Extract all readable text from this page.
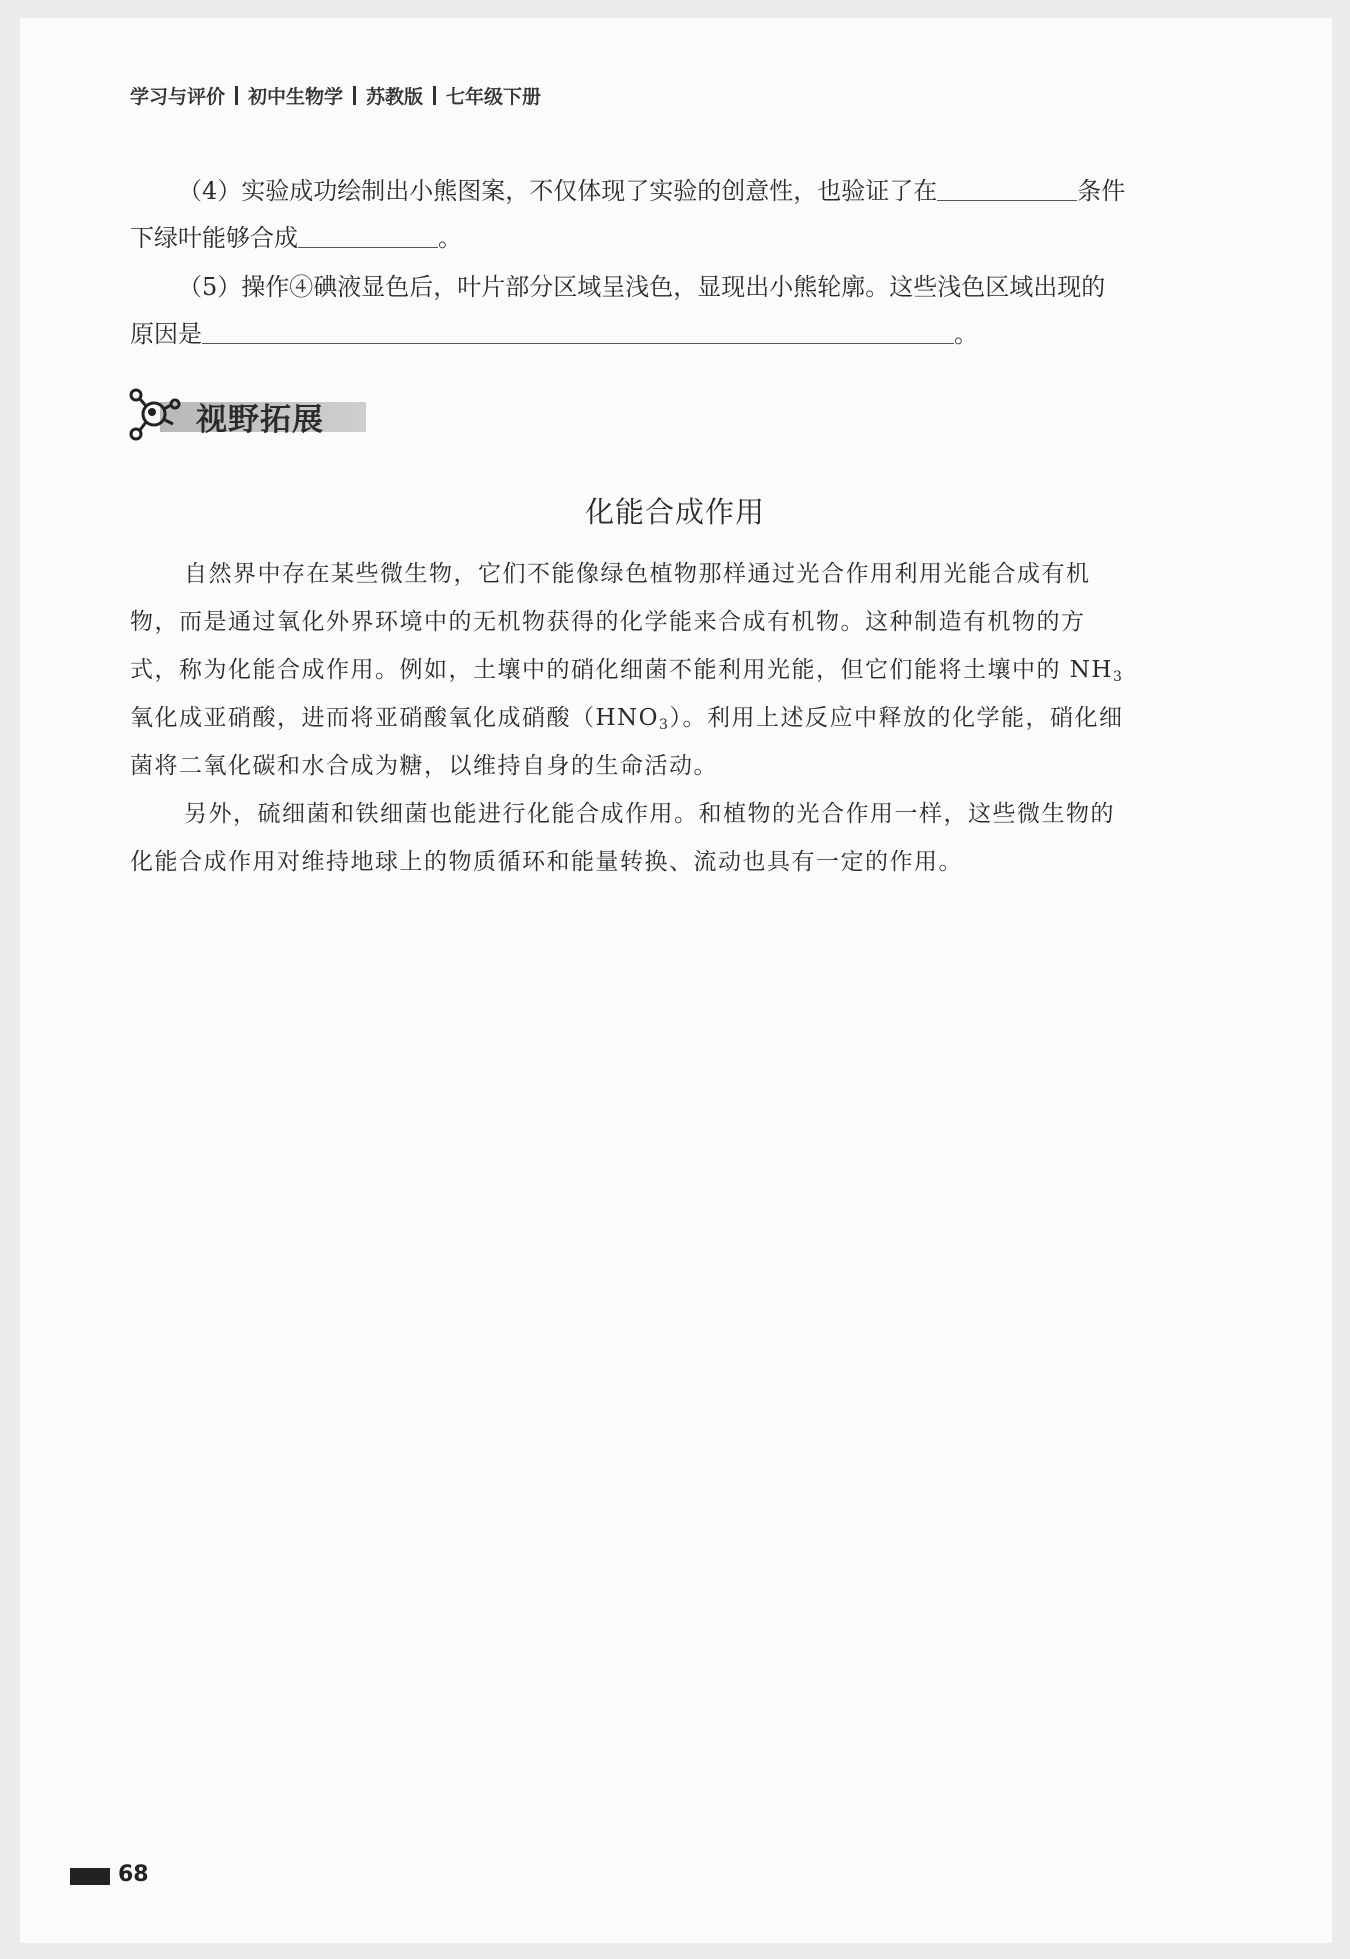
学习与评价 初中生物学 苏教版 七年级下册
（4）实验成功绘制出小熊图案，不仅体现了实验的创意性，也验证了在	条件
下绿叶能够合成	。
（5）操作④碘液显色后，叶片部分区域呈浅色，显现出小熊轮廓。这些浅色区域出现的
原因是	。
视野拓展
化能合成作用
自然界中存在某些微生物，它们不能像绿色植物那样通过光合作用利用光能合成有机
物，而是通过氧化外界环境中的无机物获得的化学能来合成有机物。这种制造有机物的方
式，称为化能合成作用。例如，土壤中的硝化细菌不能利用光能，但它们能将土壤中的 $NH_3$
氧化成亚硝酸，进而将亚硝酸氧化成硝酸$(HNO_3)$。利用上述反应中释放的化学能，硝化细
菌将二氧化碳和水合成为糖，以维持自身的生命活动。
另外，硫细菌和铁细菌也能进行化能合成作用。和植物的光合作用一样，这些微生物的
化能合成作用对维持地球上的物质循环和能量转换、流动也具有一定的作用。
68
